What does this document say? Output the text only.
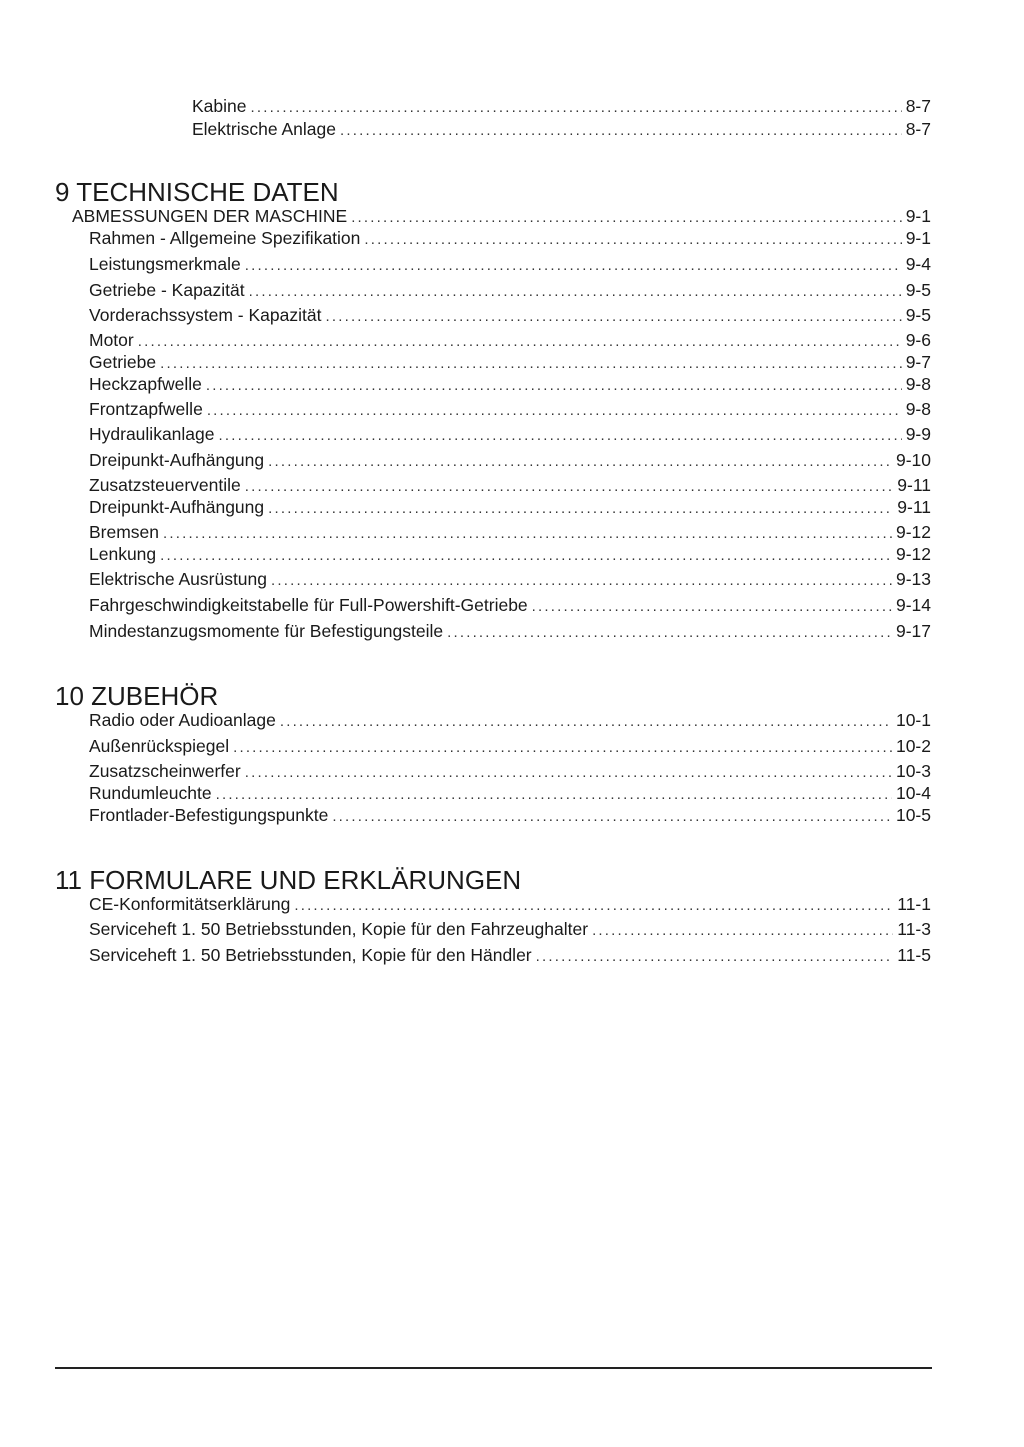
Kabine .....	8-7
Elektrische Anlage .....	8-7
9 TECHNISCHE DATEN
ABMESSUNGEN DER MASCHINE .....	9-1
Rahmen - Allgemeine Spezifikation .....	9-1
Leistungsmerkmale .....	9-4
Getriebe - Kapazität .....	9-5
Vorderachssystem - Kapazität .....	9-5
Motor .....	9-6
Getriebe .....	9-7
Heckzapfwelle .....	9-8
Frontzapfwelle .....	9-8
Hydraulikanlage .....	9-9
Dreipunkt-Aufhängung .....	9-10
Zusatzsteuerventile .....	9-11
Dreipunkt-Aufhängung .....	9-11
Bremsen .....	9-12
Lenkung .....	9-12
Elektrische Ausrüstung .....	9-13
Fahrgeschwindigkeitstabelle für Full-Powershift-Getriebe .....	9-14
Mindestanzugsmomente für Befestigungsteile .....	9-17
10 ZUBEHÖR
Radio oder Audioanlage .....	10-1
Außenrückspiegel .....	10-2
Zusatzscheinwerfer .....	10-3
Rundumleuchte .....	10-4
Frontlader-Befestigungspunkte .....	10-5
11 FORMULARE UND ERKLÄRUNGEN
CE-Konformitätserklärung .....	11-1
Serviceheft 1. 50 Betriebsstunden, Kopie für den Fahrzeughalter .....	11-3
Serviceheft 1. 50 Betriebsstunden, Kopie für den Händler .....	11-5
